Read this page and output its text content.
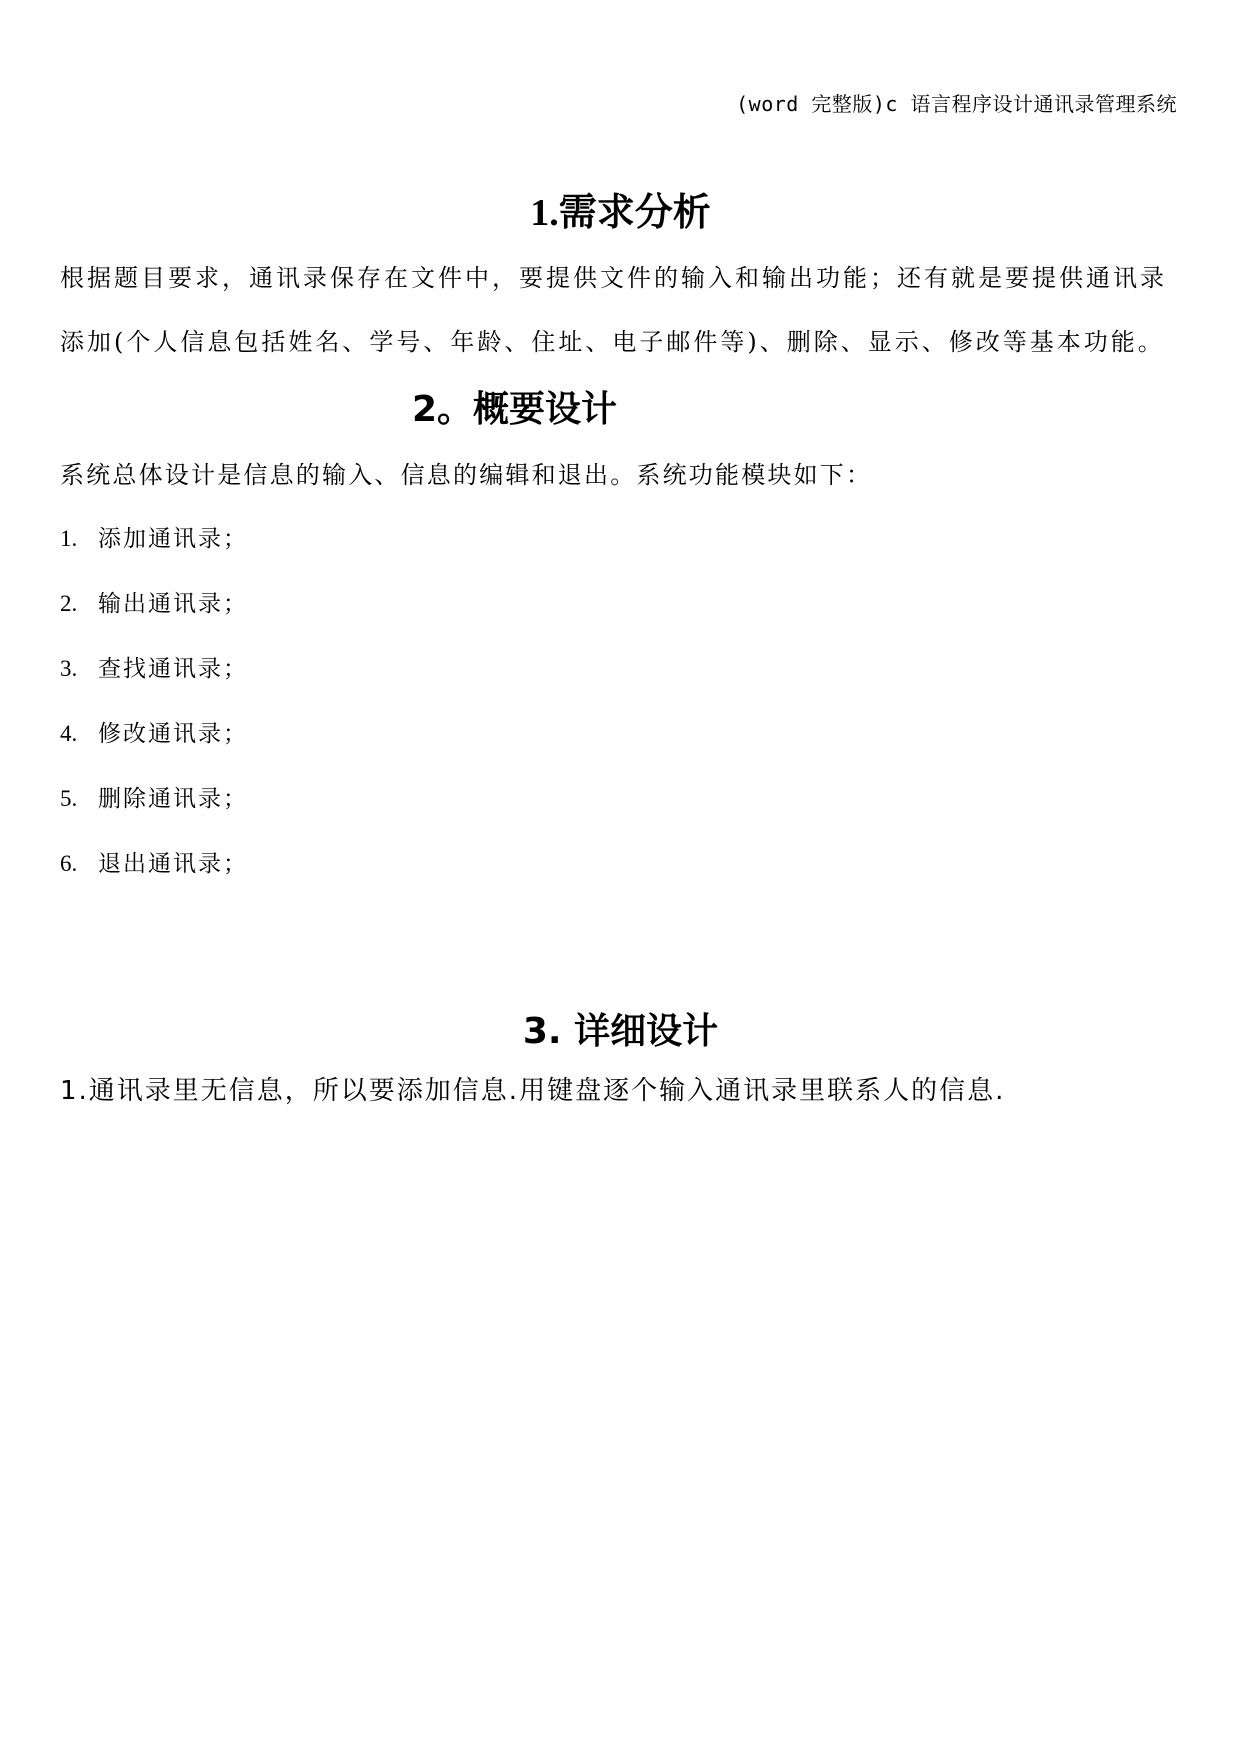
(word 完整版)c 语言程序设计通讯录管理系统
1.需求分析
根据题目要求，通讯录保存在文件中，要提供文件的输入和输出功能；还有就是要提供通讯录
添加(个人信息包括姓名、学号、年龄、住址、电子邮件等)、删除、显示、修改等基本功能。
2。概要设计
系统总体设计是信息的输入、信息的编辑和退出。系统功能模块如下：
1. 添加通讯录；
2. 输出通讯录；
3. 查找通讯录；
4. 修改通讯录；
5. 删除通讯录；
6. 退出通讯录；
3. 详细设计
1.通讯录里无信息，所以要添加信息.用键盘逐个输入通讯录里联系人的信息.
